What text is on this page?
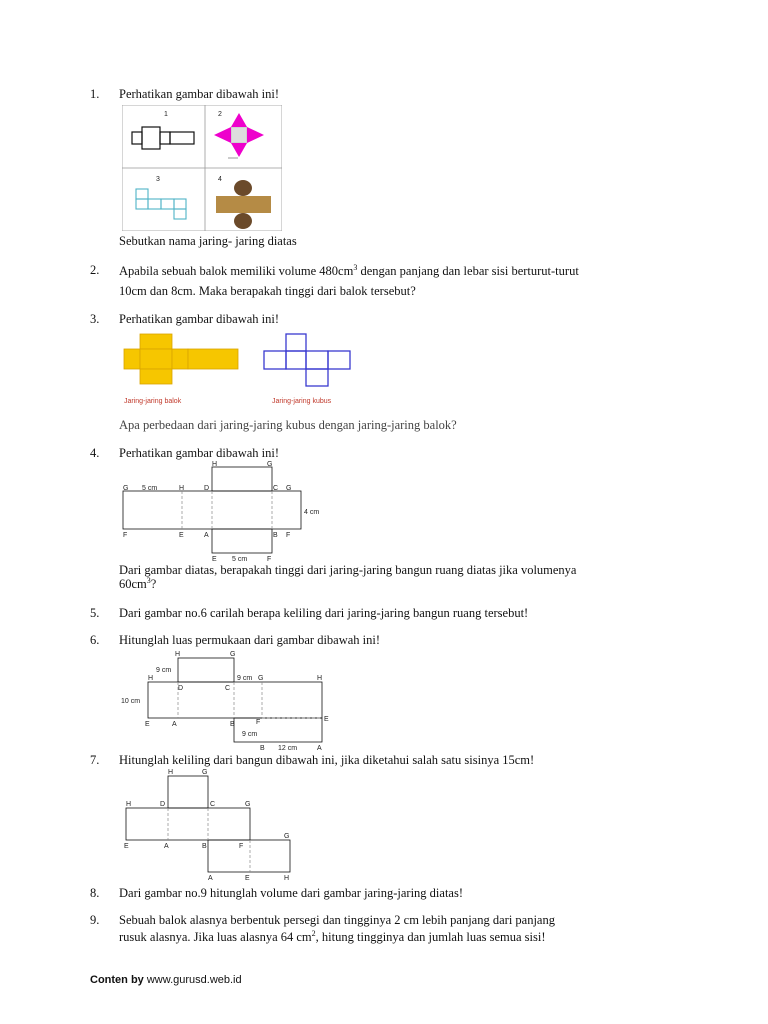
1. Perhatikan gambar dibawah ini!
1	2
3	4
Sebutkan nama jaring- jaring diatas
2. Apabila sebuah balok memiliki volume $480cm^3$ dengan panjang dan lebar sisi berturut-turut
10cm dan 8cm. Maka berapakah tinggi dari balok tersebut?
3. Perhatikan gambar dibawah ini!
Jaring-jaring balok	Jaring-jaring kubus
Apa perbedaan dari jaring-jaring kubus dengan jaring-jaring balok?
4. Perhatikan gambar dibawah ini!
H	G
G 5 cm	H	D	C G
4 cm
F	E	A	B F
E 5 cm	F
Dari gambar diatas, berapakah tinggi dari jaring-jaring bangun ruang diatas jika volumenya
$60cm^3$?
5. Dari gambar no.6 carilah berapa keliling dari jaring-jaring bangun ruang tersebut!
6. Hitunglah luas permukaan dari gambar dibawah ini!
H	G
9 cm
H
D
9 cm
C
G	H
10 cm
E	A	B	F	E
9 cm
B 12 cm	A
7. Hitunglah keliling dari bangun dibawah ini, jika diketahui salah satu sisinya 15cm!
H	G
H	D	C	G
G
E	A	B	F
A	E	H
8. Dari gambar no.9 hitunglah volume dari gambar jaring-jaring diatas!
9. Sebuah balok alasnya berbentuk persegi dan tingginya 2 cm lebih panjang dari panjang
rusuk alasnya. Jika luas alasnya 64 $cm^2$, hitung tingginya dan jumlah luas semua sisi!
Conten by www.gurusd.web.id
